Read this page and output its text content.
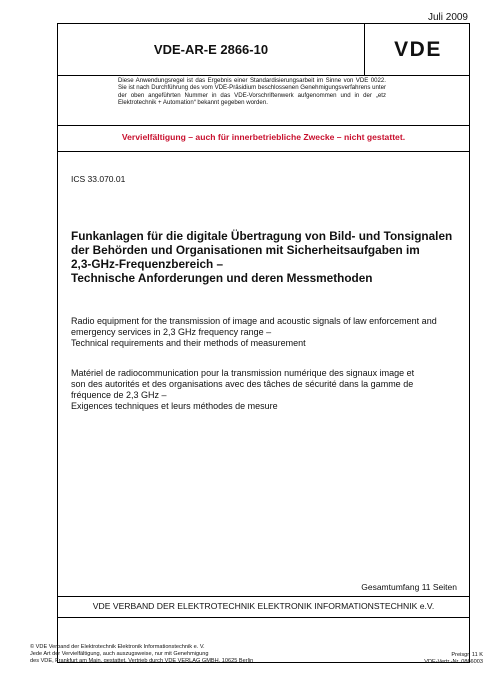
Juli 2009
VDE-AR-E 2866-10	VDE
Diese Anwendungsregel ist das Ergebnis einer Standardisierungsarbeit im Sinne von VDE 0022. Sie ist nach Durchführung des vom VDE-Präsidium beschlossenen Genehmigungsverfahrens unter der oben angeführten Nummer in das VDE-Vorschriftenwerk aufgenommen und in der „etz Elektrotechnik + Automation“ bekannt gegeben worden.
Vervielfältigung – auch für innerbetriebliche Zwecke – nicht gestattet.
ICS 33.070.01
Funkanlagen für die digitale Übertragung von Bild- und Tonsignalen
der Behörden und Organisationen mit Sicherheitsaufgaben im
2,3-GHz-Frequenzbereich –
Technische Anforderungen und deren Messmethoden
Radio equipment for the transmission of image and acoustic signals of law enforcement and
emergency services in 2,3 GHz frequency range –
Technical requirements and their methods of measurement
Matériel de radiocommunication pour la transmission numérique des signaux image et
son des autorités et des organisations avec des tâches de sécurité dans la gamme de
fréquence de 2,3 GHz –
Exigences techniques et leurs méthodes de mesure
Gesamtumfang 11 Seiten
VDE VERBAND DER ELEKTROTECHNIK ELEKTRONIK INFORMATIONSTECHNIK e.V.
© VDE Verband der Elektrotechnik Elektronik Informationstechnik e. V.
Jede Art der Vervielfältigung, auch auszugsweise, nur mit Genehmigung
des VDE, Frankfurt am Main, gestattet. Vertrieb durch VDE VERLAG GMBH, 10625 Berlin
Preisgr. 11 K
VDE-Vertr.-Nr. 0866003
